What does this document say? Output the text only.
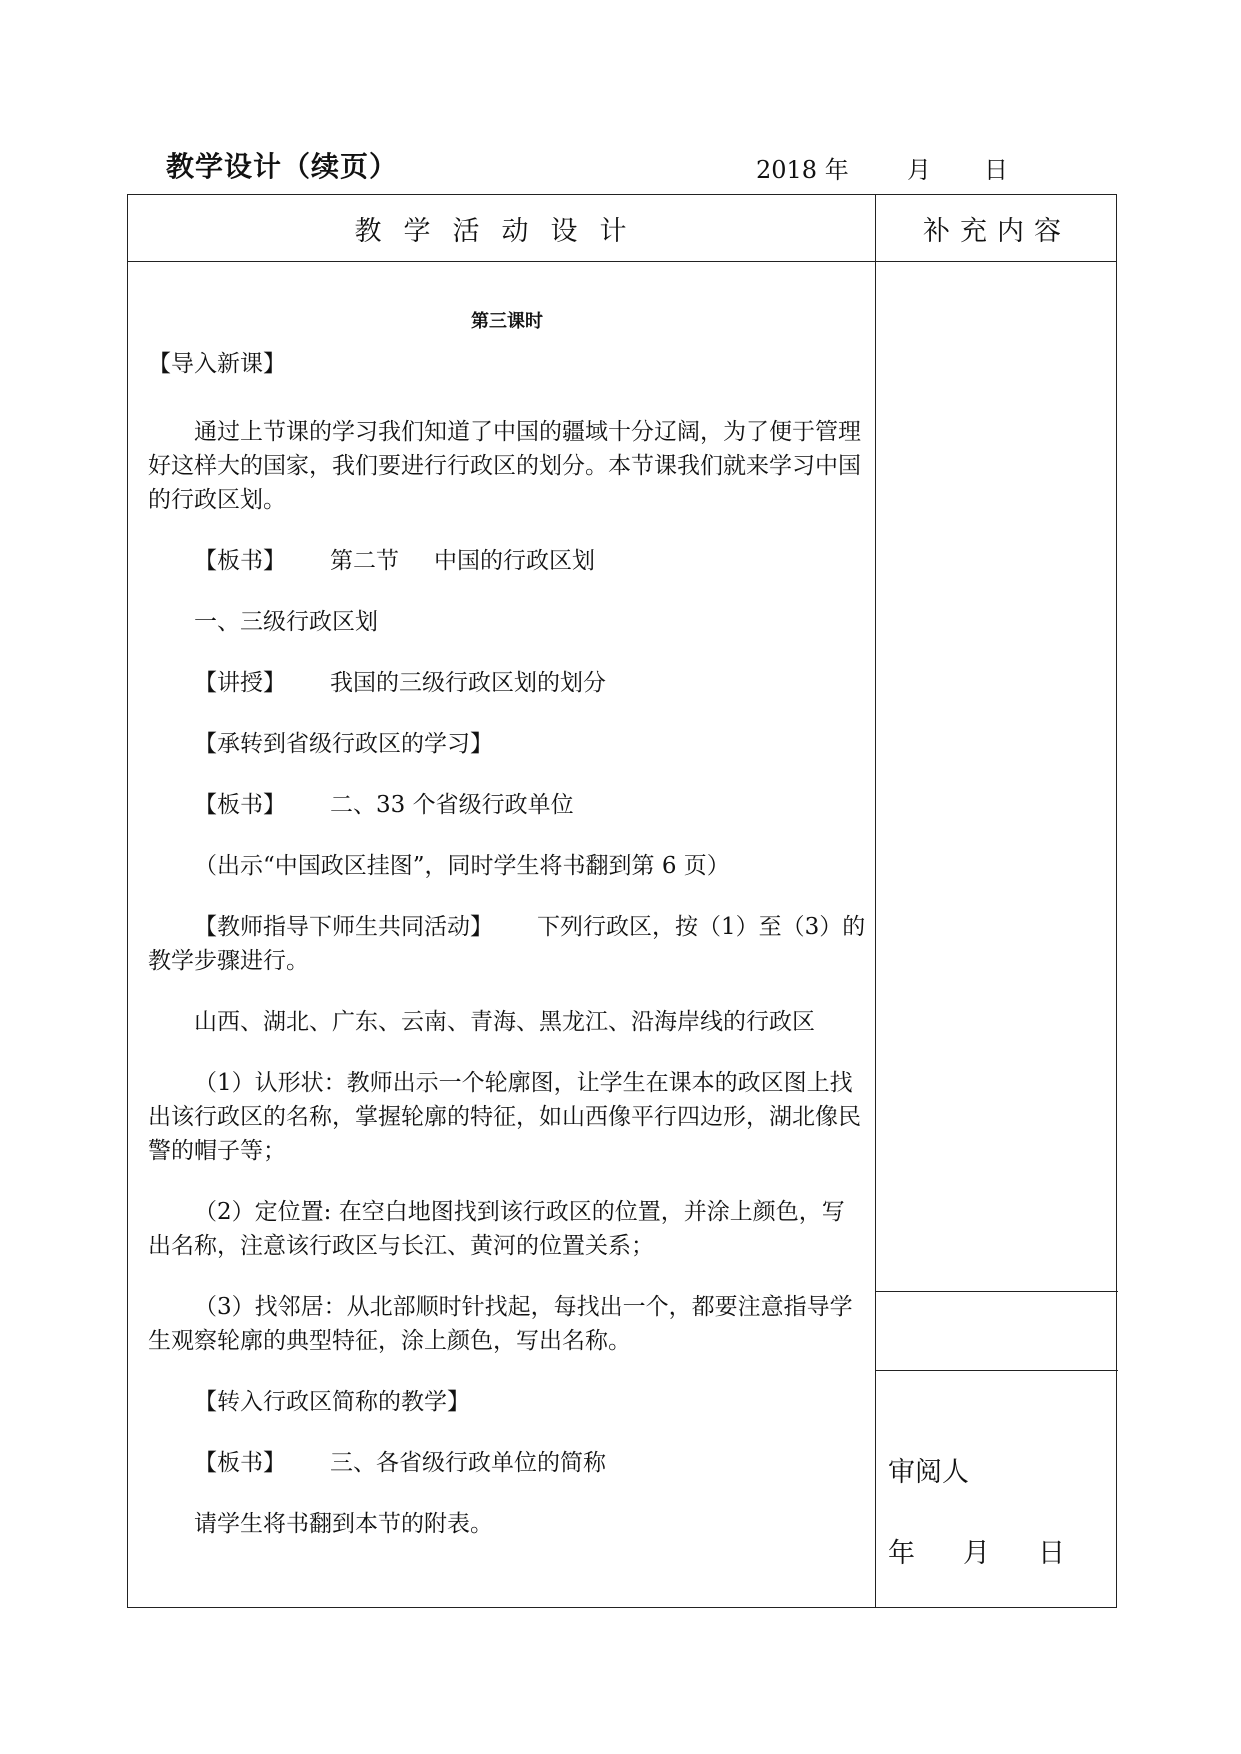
教学设计（续页）	2018 年 月 日
教学活动设计	补充内容
第三课时
【导入新课】
通过上节课的学习我们知道了中国的疆域十分辽阔，为了便于管理好这样大的国家，我们要进行行政区的划分。本节课我们就来学习中国的行政区划。
【板书】 第二节 中国的行政区划
一、三级行政区划
【讲授】 我国的三级行政区划的划分
【承转到省级行政区的学习】
【板书】 二、33 个省级行政单位
（出示“中国政区挂图”，同时学生将书翻到第 6 页）
【教师指导下师生共同活动】 下列行政区，按（1）至（3）的教学步骤进行。
山西、湖北、广东、云南、青海、黑龙江、沿海岸线的行政区
（1）认形状：教师出示一个轮廓图，让学生在课本的政区图上找出该行政区的名称，掌握轮廓的特征，如山西像平行四边形，湖北像民警的帽子等；
（2）定位置: 在空白地图找到该行政区的位置，并涂上颜色，写出名称，注意该行政区与长江、黄河的位置关系；
（3）找邻居：从北部顺时针找起，每找出一个，都要注意指导学生观察轮廓的典型特征，涂上颜色，写出名称。
【转入行政区简称的教学】
【板书】 三、各省级行政单位的简称
请学生将书翻到本节的附表。
审阅人
年 月 日
